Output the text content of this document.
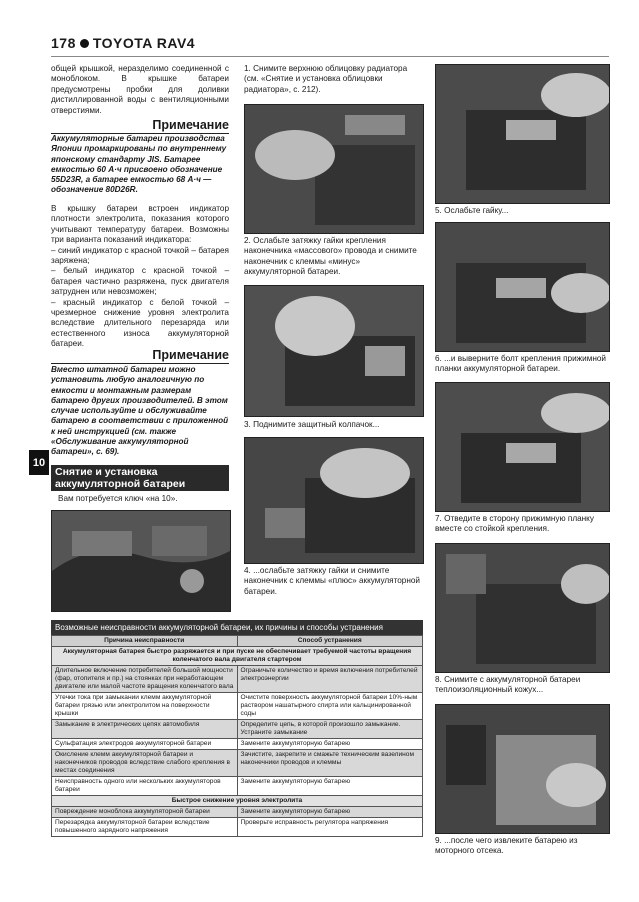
178 TOYOTA RAV4
10
общей крышкой, неразделимо соединенной с моноблоком. В крышке батареи предусмотрены пробки для доливки дистиллированной воды с вентиляционными отверстиями.
Примечание
Аккумуляторные батареи производства Японии промаркированы по внутреннему японскому стандарту JIS. Батарее емкостью 60 А·ч присвоено обозначение 55D23R, а батарее емкостью 68 А·ч — обозначение 80D26R.
В крышку батареи встроен индикатор плотности электролита, показания которого учитывают температуру батареи. Возможны три варианта показаний индикатора:
– синий индикатор с красной точкой – батарея заряжена;
– белый индикатор с красной точкой – батарея частично разряжена, пуск двигателя затруднен или невозможен;
– красный индикатор с белой точкой – чрезмерное снижение уровня электролита вследствие длительного перезаряда или естественного износа аккумуляторной батареи.
Примечание
Вместо штатной батареи можно установить любую аналогичную по емкости и монтажным размерам батарею других производителей. В этом случае используйте и обслуживайте батарею в соответствии с приложенной к ней инструкцией (см. также «Обслуживание аккумуляторной батареи», с. 69).
Снятие и установка аккумуляторной батареи
Вам потребуется ключ «на 10».
1. Снимите верхнюю облицовку радиатора (см. «Снятие и установка облицовки радиатора», с. 212).
2. Ослабьте затяжку гайки крепления наконечника «массового» провода и снимите наконечник с клеммы «минус» аккумуляторной батареи.
3. Поднимите защитный колпачок...
4. ...ослабьте затяжку гайки и снимите наконечник с клеммы «плюс» аккумуляторной батареи.
5. Ослабьте гайку...
6. ...и выверните болт крепления прижимной планки аккумуляторной батареи.
7. Отведите в сторону прижимную планку вместе со стойкой крепления.
8. Снимите с аккумуляторной батареи теплоизоляционный кожух...
9. ...после чего извлеките батарею из моторного отсека.
Возможные неисправности аккумуляторной батареи, их причины и способы устранения
Причина неисправности	Способ устранения
Аккумуляторная батарея быстро разряжается и при пуске не обеспечивает требуемой частоты вращения коленчатого вала двигателя стартером	
Длительное включение потребителей большой мощности (фар, отопителя и пр.) на стоянках при неработающем двигателе или малой частоте вращения коленчатого вала	Ограничьте количество и время включения потребителей электроэнергии
Утечки тока при замыкании клемм аккумуляторной батареи грязью или электролитом на поверхности крышки	Очистите поверхность аккумуляторной батареи 10%-ным раствором нашатырного спирта или кальцинированной соды
Замыкание в электрических цепях автомобиля	Определите цепь, в которой произошло замыкание. Устраните замыкание
Сульфатация электродов аккумуляторной батареи	Замените аккумуляторную батарею
Окисление клемм аккумуляторной батареи и наконечников проводов вследствие слабого крепления в местах соединения	Зачистите, закрепите и смажьте техническим вазелином наконечники проводов и клеммы
Неисправность одного или нескольких аккумуляторов батареи	Замените аккумуляторную батарею
Быстрое снижение уровня электролита	
Повреждение моноблока аккумуляторной батареи	Замените аккумуляторную батарею
Перезарядка аккумуляторной батареи вследствие повышенного зарядного напряжения	Проверьте исправность регулятора напряжения
